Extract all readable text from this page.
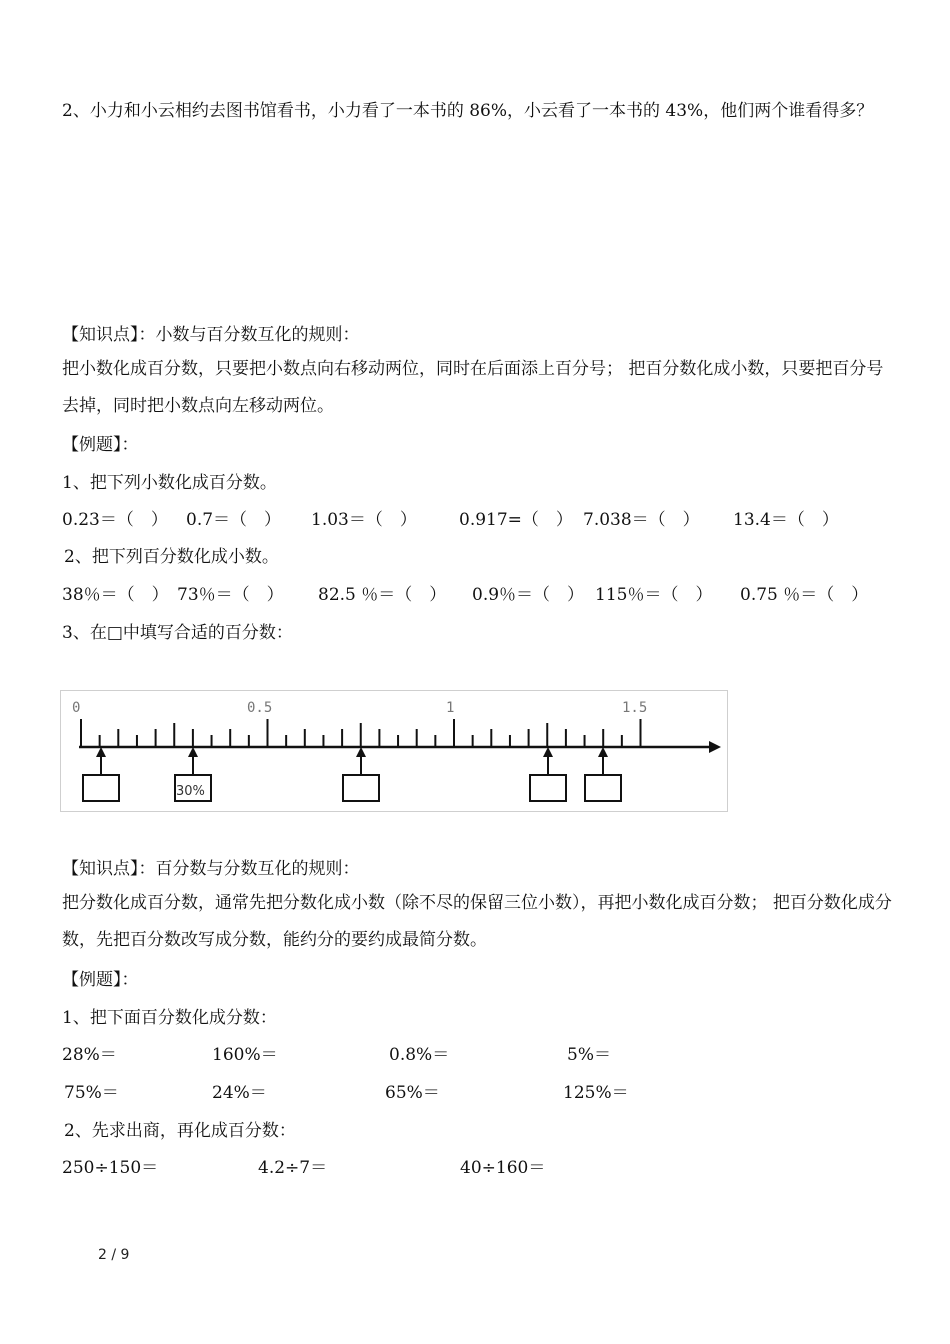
2、小力和小云相约去图书馆看书，小力看了一本书的 86%，小云看了一本书的 43%，他们两个谁看得多？
【知识点】：小数与百分数互化的规则：
把小数化成百分数，只要把小数点向右移动两位，同时在后面添上百分号； 把百分数化成小数，只要把百分号去掉，同时把小数点向左移动两位。
【例题】：
1、把下列小数化成百分数。
0.23＝（　） 0.7＝（　） 1.03＝（　） 0.917=（　） 7.038＝（　） 13.4＝（　）
2、把下列百分数化成小数。
38％＝（　） 73％＝（　） 82.5 ％＝（　） 0.9％＝（　） 115％＝（　） 0.75 ％＝（　）
3、在□中填写合适的百分数：
0	0.5	1	1.5
30%
【知识点】：百分数与分数互化的规则：
把分数化成百分数，通常先把分数化成小数（除不尽的保留三位小数），再把小数化成百分数； 把百分数化成分数，先把百分数改写成分数，能约分的要约成最简分数。
【例题】：
1、把下面百分数化成分数：
28%＝	160%＝	0.8%＝	5%＝
75%＝	24%＝	65%＝	125%＝
2、先求出商，再化成百分数：
250÷150＝	4.2÷7＝	40÷160＝
2 / 9
